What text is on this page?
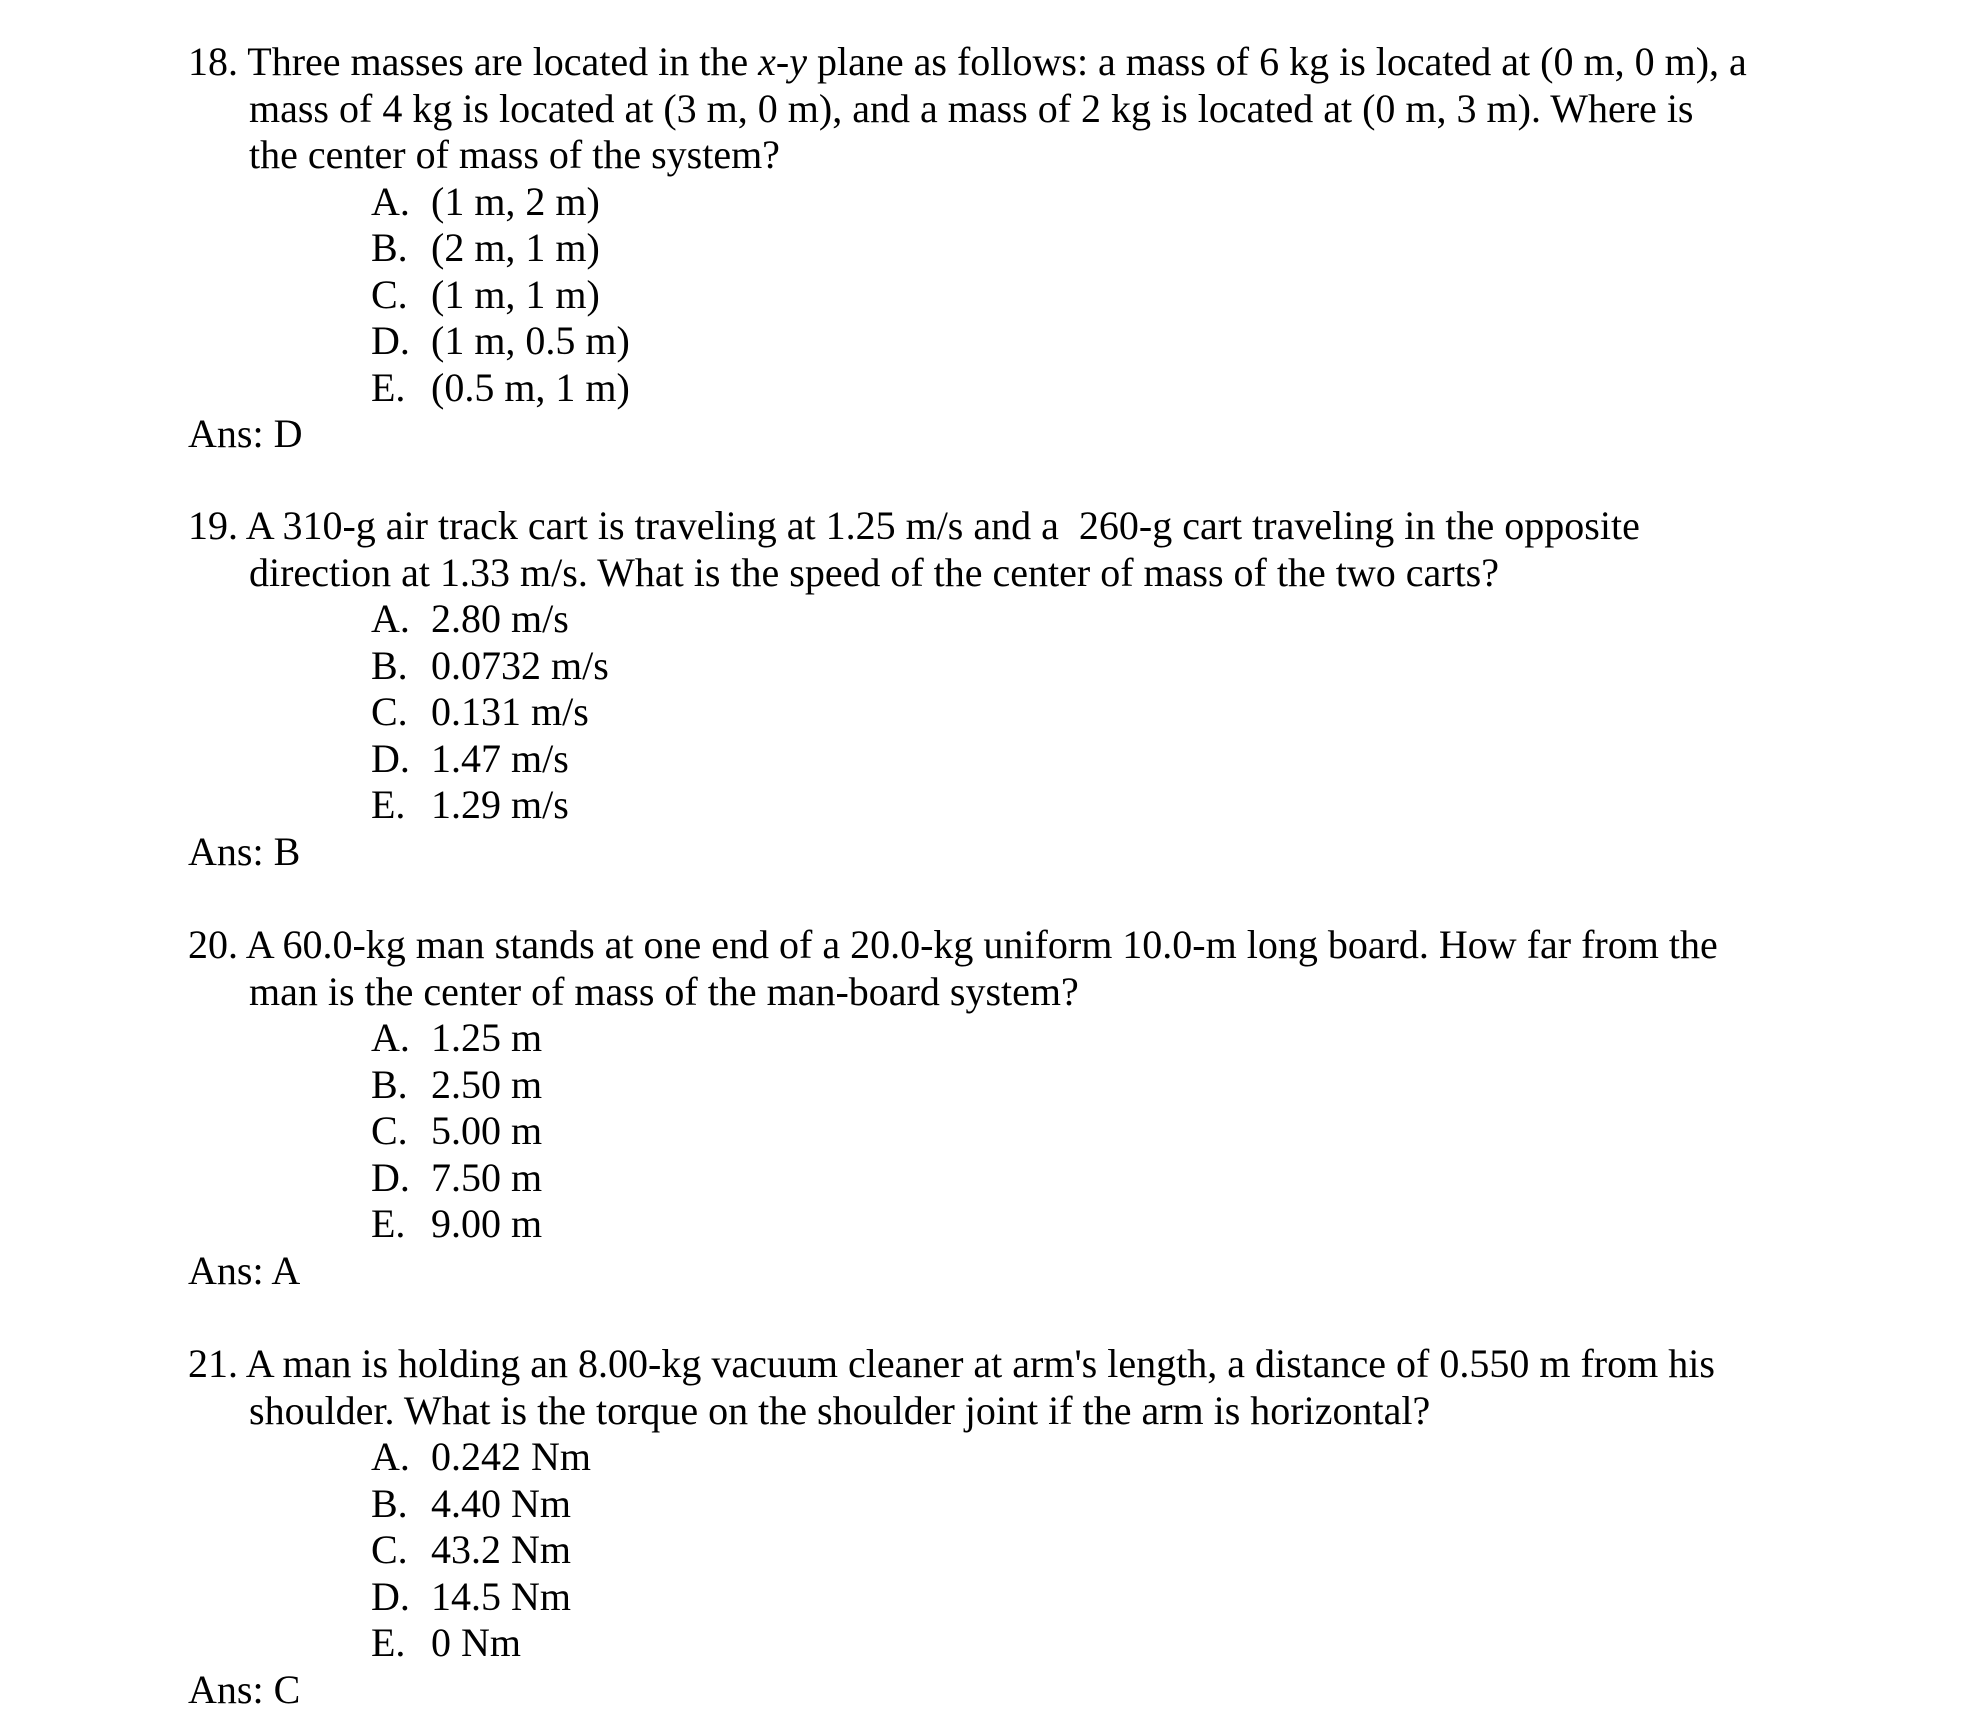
18. Three masses are located in the x-y plane as follows: a mass of 6 kg is located at (0 m, 0 m), a
mass of 4 kg is located at (3 m, 0 m), and a mass of 2 kg is located at (0 m, 3 m). Where is
the center of mass of the system?
A. (1 m, 2 m)
B. (2 m, 1 m)
C. (1 m, 1 m)
D. (1 m, 0.5 m)
E. (0.5 m, 1 m)
Ans: D
19. A 310-g air track cart is traveling at 1.25 m/s and a  260-g cart traveling in the opposite
direction at 1.33 m/s. What is the speed of the center of mass of the two carts?
A. 2.80 m/s
B. 0.0732 m/s
C. 0.131 m/s
D. 1.47 m/s
E. 1.29 m/s
Ans: B
20. A 60.0-kg man stands at one end of a 20.0-kg uniform 10.0-m long board. How far from the
man is the center of mass of the man-board system?
A. 1.25 m
B. 2.50 m
C. 5.00 m
D. 7.50 m
E. 9.00 m
Ans: A
21. A man is holding an 8.00-kg vacuum cleaner at arm's length, a distance of 0.550 m from his
shoulder. What is the torque on the shoulder joint if the arm is horizontal?
A. 0.242 Nm
B. 4.40 Nm
C. 43.2 Nm
D. 14.5 Nm
E. 0 Nm
Ans: C
